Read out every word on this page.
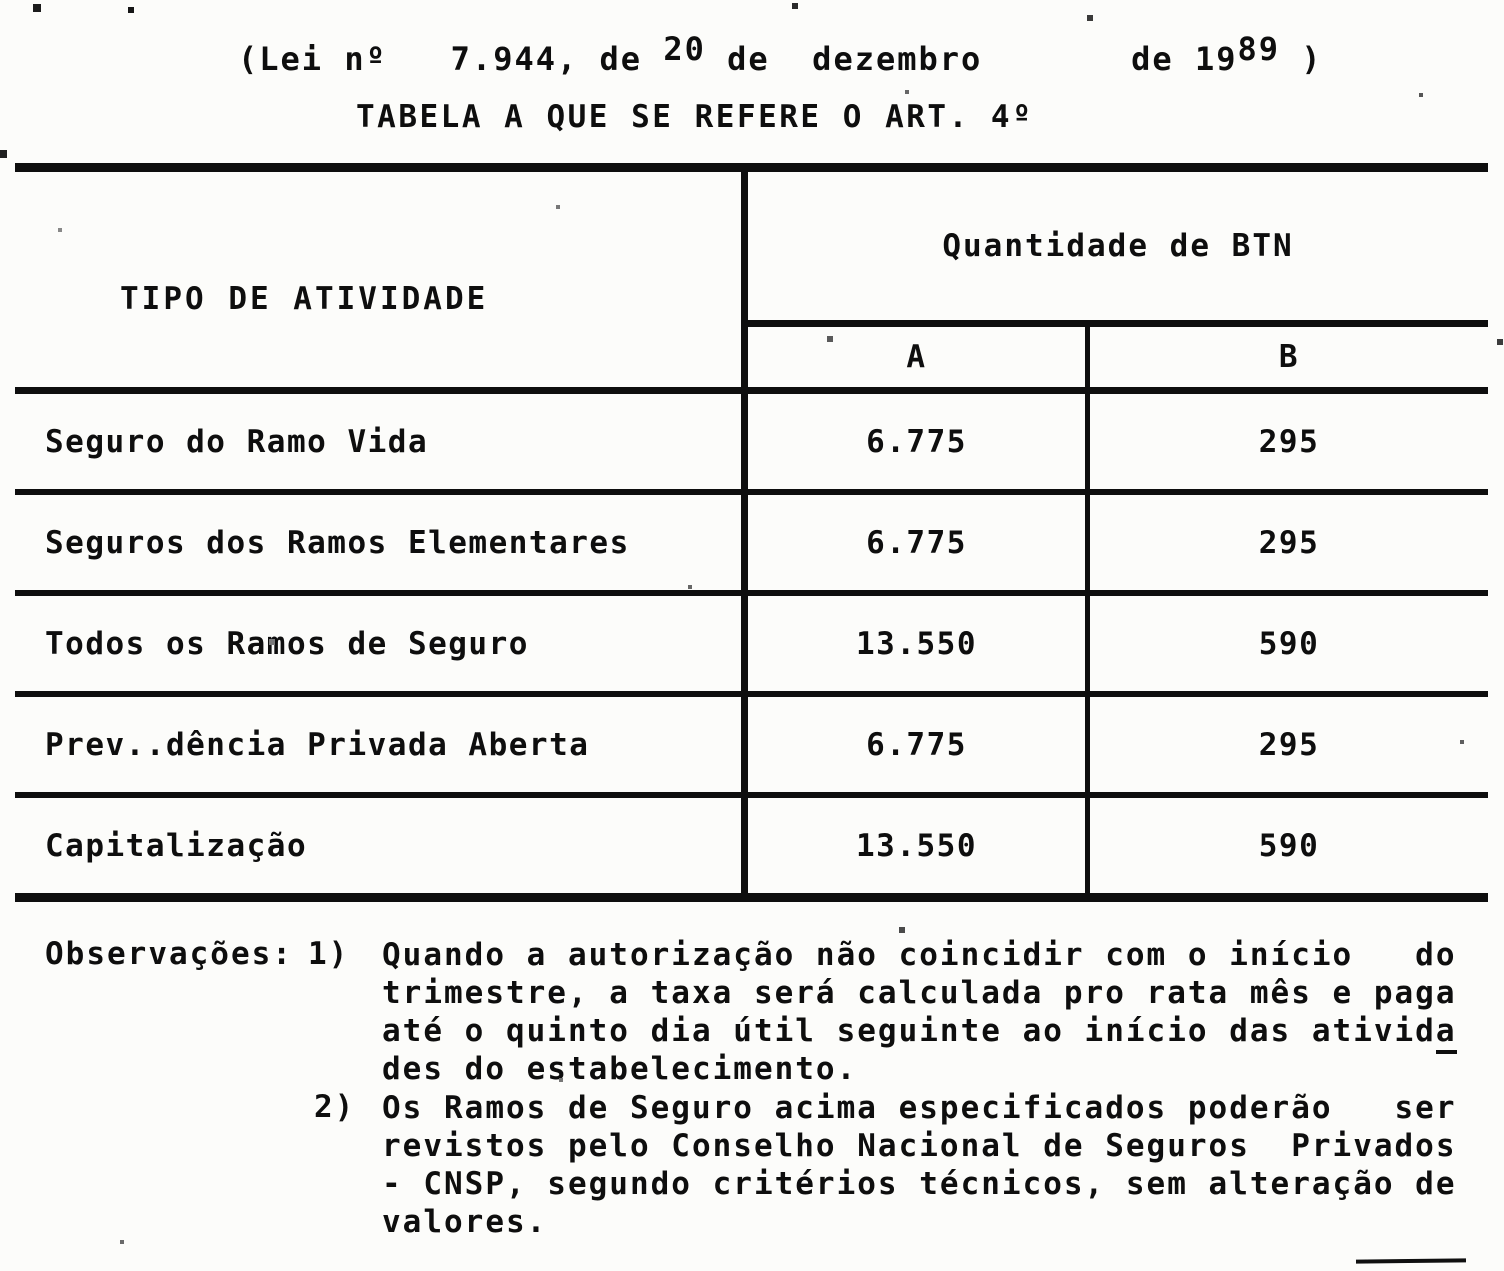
(Lei nº   7.944, de 20 de  dezembro       de 1989 )
TABELA A QUE SE REFERE O ART. 4º
TIPO DE ATIVIDADE
Quantidade de BTN
A	B
Seguro do Ramo Vida	6.775	295
Seguros dos Ramos Elementares	6.775	295
Todos os Ramos de Seguro	13.550	590
Prev..dência Privada Aberta	6.775	295
Capitalização	13.550	590
Observações: 1) Quando a autorização não coincidir com o início   do
trimestre, a taxa será calculada pro rata mês e paga
até o quinto dia útil seguinte ao início das ativida
des do estabelecimento.
2) Os Ramos de Seguro acima especificados poderão   ser
revistos pelo Conselho Nacional de Seguros  Privados
- CNSP, segundo critérios técnicos, sem alteração de
valores.
